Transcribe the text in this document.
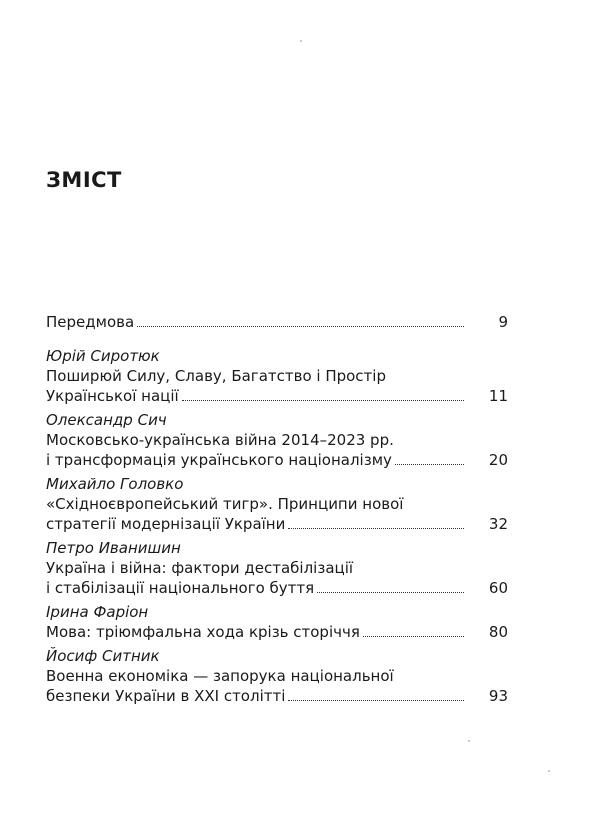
ЗМІСТ
Передмова	9
Юрій Сиротюк
Поширюй Силу, Славу, Багатство і Простір
Української нації	11
Олександр Сич
Московсько-українська війна 2014–2023 рр.
і трансформація українського націоналізму	20
Михайло Головко
«Східноєвропейський тигр». Принципи нової
стратегії модернізації України	32
Петро Иванишин
Україна і війна: фактори дестабілізації
і стабілізації національного буття	60
Ірина Фаріон
Мова: тріюмфальна хода крізь сторіччя	80
Йосиф Ситник
Военна економіка — запорука національної
безпеки України в XXI столітті	93
